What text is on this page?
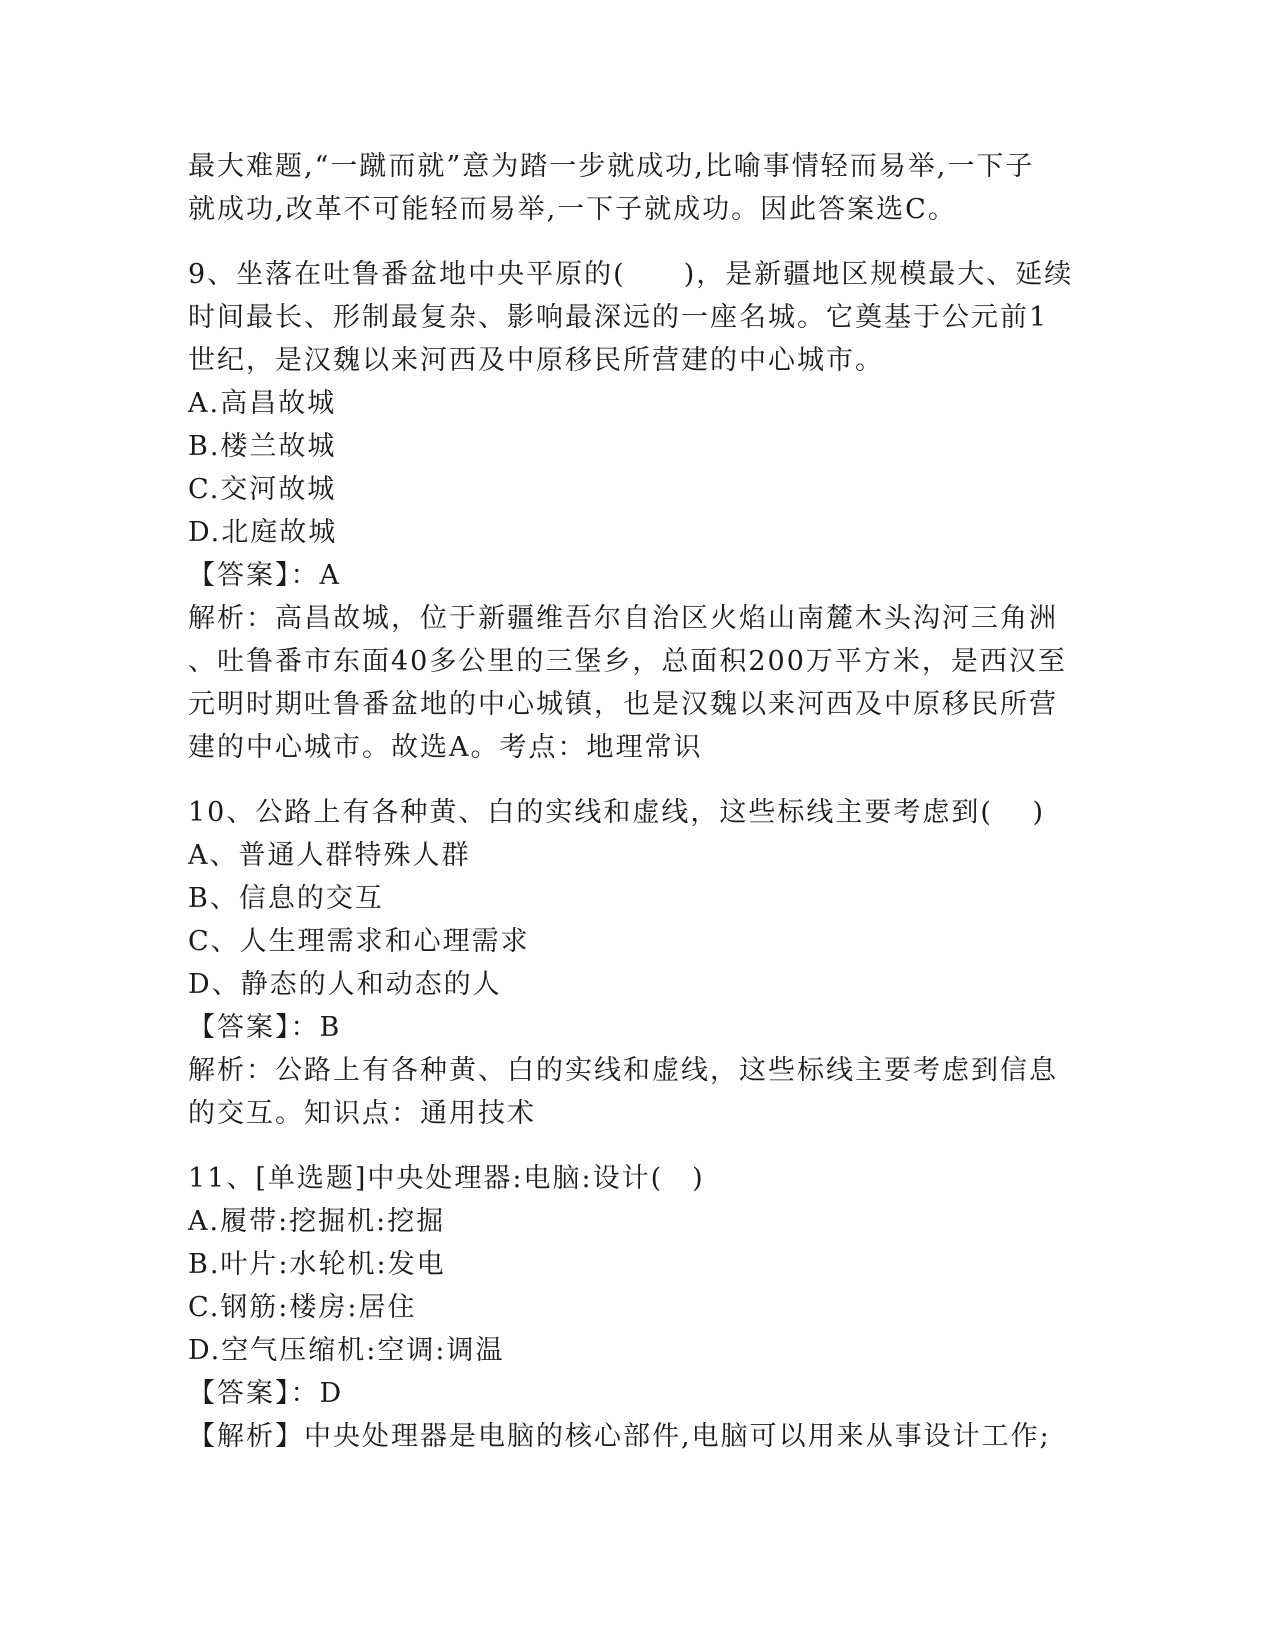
最大难题,“一蹴而就”意为踏一步就成功,比喻事情轻而易举,一下子
就成功,改革不可能轻而易举,一下子就成功。因此答案选C。
9、坐落在吐鲁番盆地中央平原的(　　)，是新疆地区规模最大、延续
时间最长、形制最复杂、影响最深远的一座名城。它奠基于公元前1
世纪，是汉魏以来河西及中原移民所营建的中心城市。
A.高昌故城
B.楼兰故城
C.交河故城
D.北庭故城
【答案】：A
解析：高昌故城，位于新疆维吾尔自治区火焰山南麓木头沟河三角洲
、吐鲁番市东面40多公里的三堡乡，总面积200万平方米，是西汉至
元明时期吐鲁番盆地的中心城镇，也是汉魏以来河西及中原移民所营
建的中心城市。故选A。考点：地理常识
10、公路上有各种黄、白的实线和虚线，这些标线主要考虑到(　 )
A、普通人群特殊人群
B、信息的交互
C、人生理需求和心理需求
D、静态的人和动态的人
【答案】：B
解析：公路上有各种黄、白的实线和虚线，这些标线主要考虑到信息
的交互。知识点：通用技术
11、[单选题]中央处理器:电脑:设计(　)
A.履带:挖掘机:挖掘
B.叶片:水轮机:发电
C.钢筋:楼房:居住
D.空气压缩机:空调:调温
【答案】：D
【解析】中央处理器是电脑的核心部件,电脑可以用来从事设计工作;
